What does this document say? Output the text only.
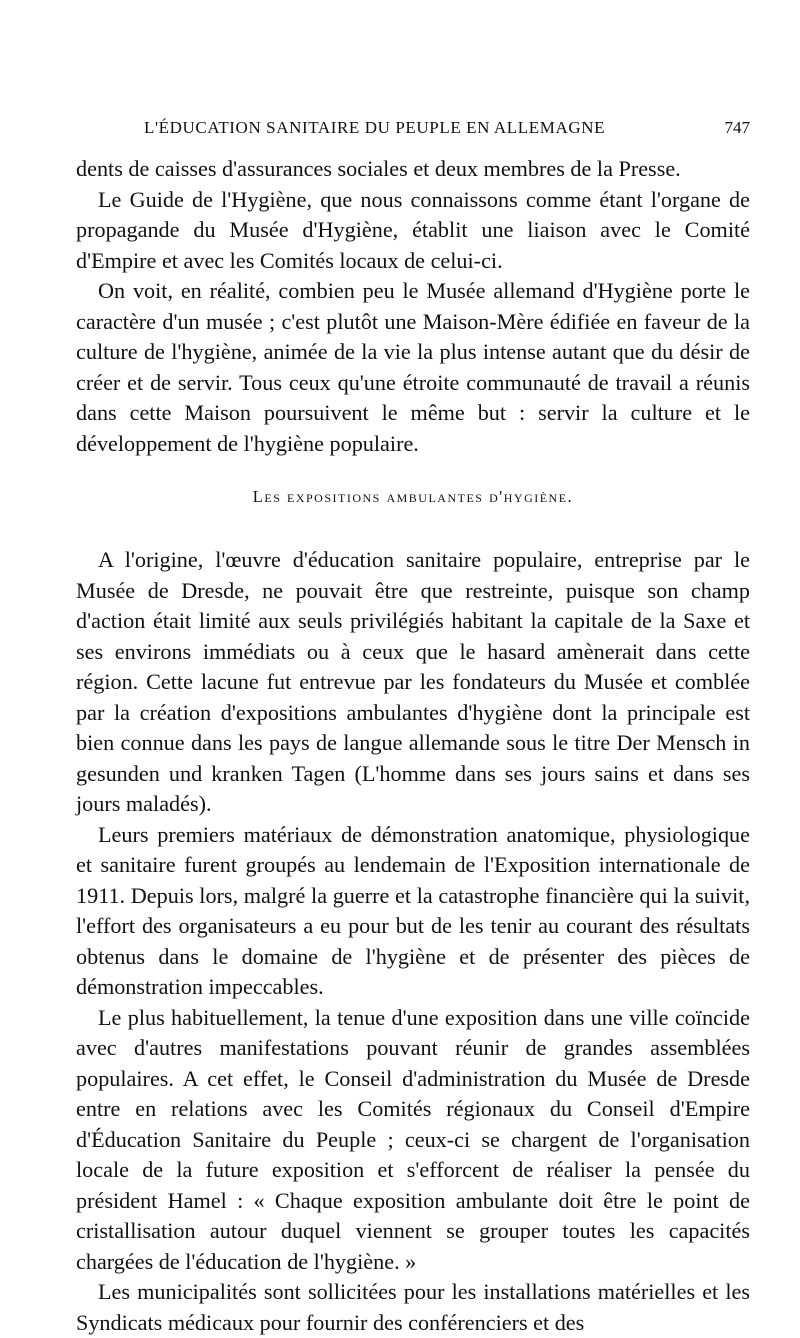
L'ÉDUCATION SANITAIRE DU PEUPLE EN ALLEMAGNE	747

dents de caisses d'assurances sociales et deux membres de la Presse.

Le Guide de l'Hygiène, que nous connaissons comme étant l'organe de propagande du Musée d'Hygiène, établit une liaison avec le Comité d'Empire et avec les Comités locaux de celui-ci.

On voit, en réalité, combien peu le Musée allemand d'Hygiène porte le caractère d'un musée ; c'est plutôt une Maison-Mère édifiée en faveur de la culture de l'hygiène, animée de la vie la plus intense autant que du désir de créer et de servir. Tous ceux qu'une étroite communauté de travail a réunis dans cette Maison poursuivent le même but : servir la culture et le développement de l'hygiène populaire.

Les expositions ambulantes d'hygiène.

A l'origine, l'œuvre d'éducation sanitaire populaire, entreprise par le Musée de Dresde, ne pouvait être que restreinte, puisque son champ d'action était limité aux seuls privilégiés habitant la capitale de la Saxe et ses environs immédiats ou à ceux que le hasard amènerait dans cette région. Cette lacune fut entrevue par les fondateurs du Musée et comblée par la création d'expositions ambulantes d'hygiène dont la principale est bien connue dans les pays de langue allemande sous le titre Der Mensch in gesunden und kranken Tagen (L'homme dans ses jours sains et dans ses jours maladés).

Leurs premiers matériaux de démonstration anatomique, physiologique et sanitaire furent groupés au lendemain de l'Exposition internationale de 1911. Depuis lors, malgré la guerre et la catastrophe financière qui la suivit, l'effort des organisateurs a eu pour but de les tenir au courant des résultats obtenus dans le domaine de l'hygiène et de présenter des pièces de démonstration impeccables.

Le plus habituellement, la tenue d'une exposition dans une ville coïncide avec d'autres manifestations pouvant réunir de grandes assemblées populaires. A cet effet, le Conseil d'administration du Musée de Dresde entre en relations avec les Comités régionaux du Conseil d'Empire d'Éducation Sanitaire du Peuple ; ceux-ci se chargent de l'organisation locale de la future exposition et s'efforcent de réaliser la pensée du président Hamel : « Chaque exposition ambulante doit être le point de cristallisation autour duquel viennent se grouper toutes les capacités chargées de l'éducation de l'hygiène. »

Les municipalités sont sollicitées pour les installations matérielles et les Syndicats médicaux pour fournir des conférenciers et des
